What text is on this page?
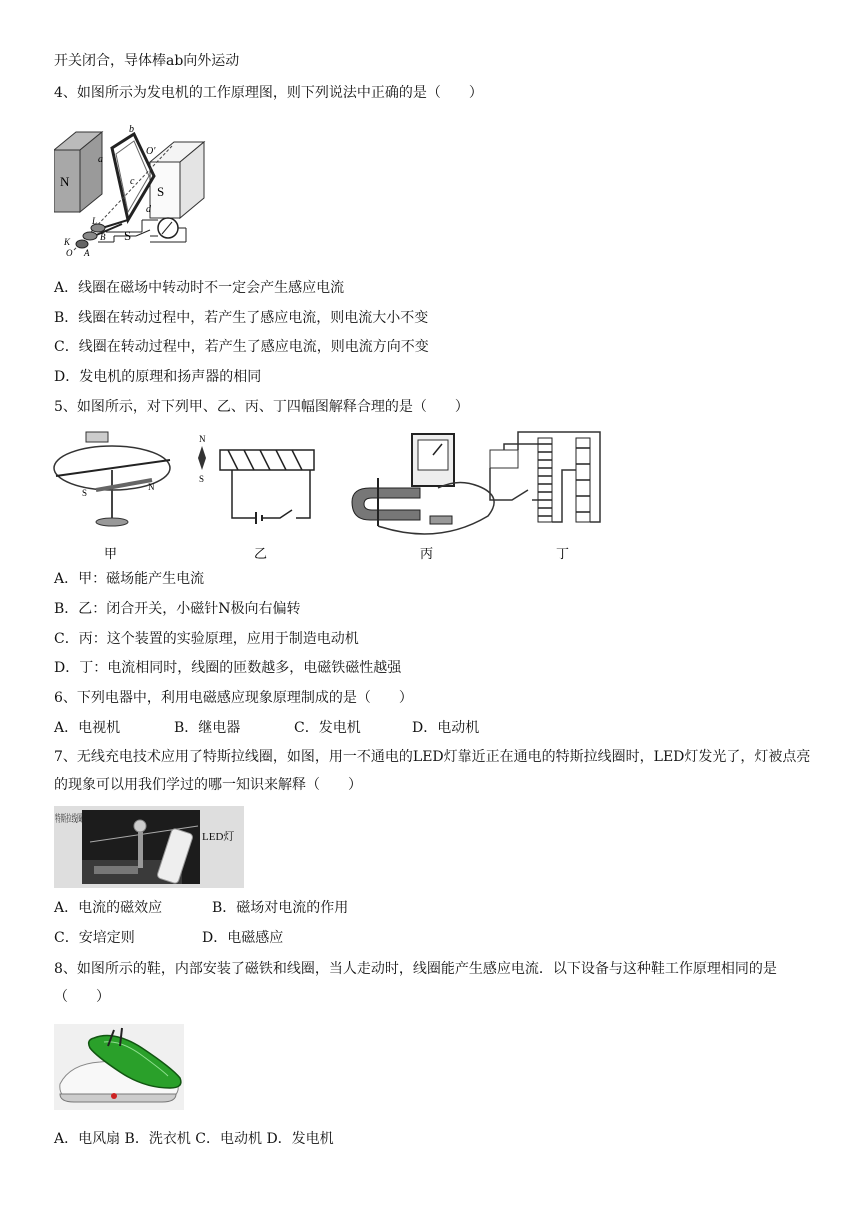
开关闭合，导体棒ab向外运动
4、如图所示为发电机的工作原理图，则下列说法中正确的是（　　）
N
S
b
a
c
d
O'
S
L
B
K
O A
A．线圈在磁场中转动时不一定会产生感应电流
B．线圈在转动过程中，若产生了感应电流，则电流大小不变
C．线圈在转动过程中，若产生了感应电流，则电流方向不变
D．发电机的原理和扬声器的相同
5、如图所示，对下列甲、乙、丙、丁四幅图解释合理的是（　　）
S
N
甲
N
S
乙	丙	丁
A．甲：磁场能产生电流
B．乙：闭合开关，小磁针N极向右偏转
C．丙：这个装置的实验原理，应用于制造电动机
D．丁：电流相同时，线圈的匝数越多，电磁铁磁性越强
6、下列电器中，利用电磁感应现象原理制成的是（　　）
A．电视机	B．继电器	C．发电机	D．电动机
7、无线充电技术应用了特斯拉线圈，如图，用一不通电的LED灯靠近正在通电的特斯拉线圈时，LED灯发光了，灯被点亮的现象可以用我们学过的哪一知识来解释（　　）
特斯拉线圈
LED灯
A．电流的磁效应	B．磁场对电流的作用
C．安培定则	D．电磁感应
8、如图所示的鞋，内部安装了磁铁和线圈，当人走动时，线圈能产生感应电流．以下设备与这种鞋工作原理相同的是（　　）
A．电风扇 B．洗衣机 C．电动机 D．发电机
